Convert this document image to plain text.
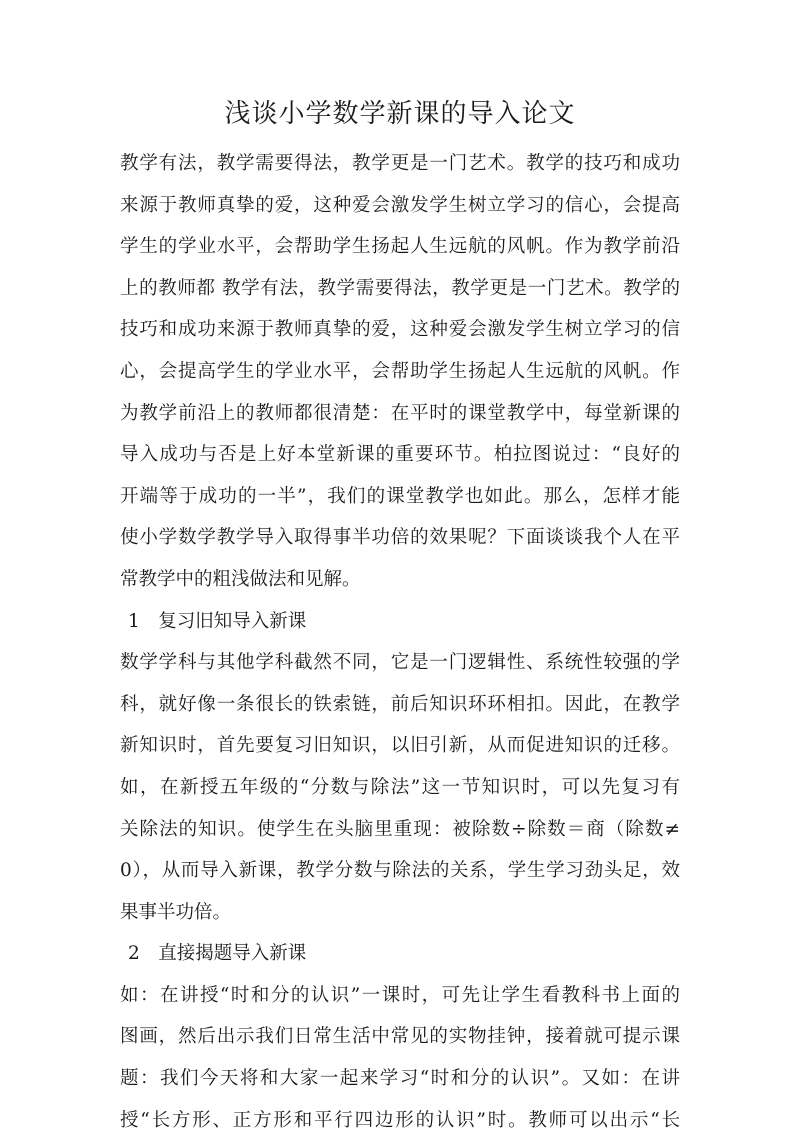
浅谈小学数学新课的导入论文
教学有法，教学需要得法，教学更是一门艺术。教学的技巧和成功
来源于教师真挚的爱，这种爱会激发学生树立学习的信心，会提高
学生的学业水平，会帮助学生扬起人生远航的风帆。作为教学前沿
上的教师都 教学有法，教学需要得法，教学更是一门艺术。教学的
技巧和成功来源于教师真挚的爱，这种爱会激发学生树立学习的信
心，会提高学生的学业水平，会帮助学生扬起人生远航的风帆。作
为教学前沿上的教师都很清楚：在平时的课堂教学中，每堂新课的
导入成功与否是上好本堂新课的重要环节。柏拉图说过：“良好的
开端等于成功的一半”，我们的课堂教学也如此。那么，怎样才能
使小学数学教学导入取得事半功倍的效果呢？下面谈谈我个人在平
常教学中的粗浅做法和见解。
1　复习旧知导入新课
数学学科与其他学科截然不同，它是一门逻辑性、系统性较强的学
科，就好像一条很长的铁索链，前后知识环环相扣。因此，在教学
新知识时，首先要复习旧知识，以旧引新，从而促进知识的迁移。
如，在新授五年级的“分数与除法”这一节知识时，可以先复习有
关除法的知识。使学生在头脑里重现：被除数÷除数＝商（除数≠
0），从而导入新课，教学分数与除法的关系，学生学习劲头足，效
果事半功倍。
2　直接揭题导入新课
如：在讲授“时和分的认识”一课时，可先让学生看教科书上面的
图画，然后出示我们日常生活中常见的实物挂钟，接着就可提示课
题：我们今天将和大家一起来学习“时和分的认识”。又如：在讲
授“长方形、正方形和平行四边形的认识”时。教师可以出示“长
